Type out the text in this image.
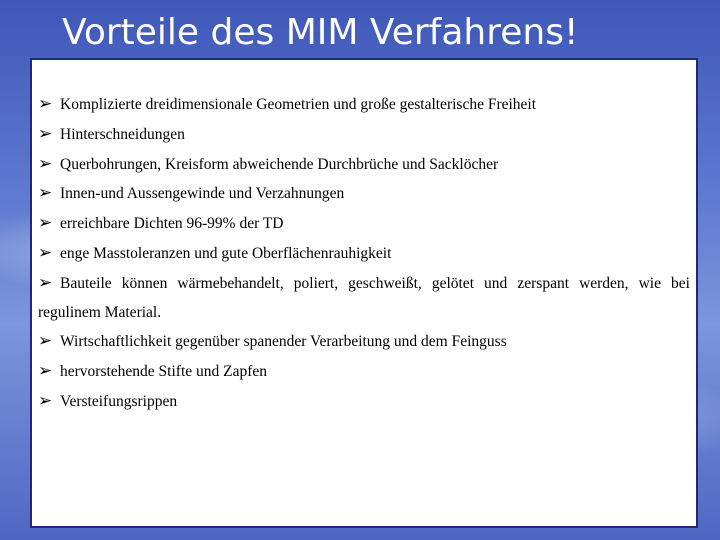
Vorteile des MIM Verfahrens!
➢ Komplizierte dreidimensionale Geometrien und große gestalterische Freiheit
➢ Hinterschneidungen
➢ Querbohrungen, Kreisform abweichende Durchbrüche und Sacklöcher
➢ Innen-und Aussengewinde und Verzahnungen
➢ erreichbare Dichten 96-99% der TD
➢ enge Masstoleranzen und gute Oberflächenrauhigkeit
➢ Bauteile können wärmebehandelt, poliert, geschweißt, gelötet und zerspant werden, wie bei regulinem Material.
➢ Wirtschaftlichkeit gegenüber spanender Verarbeitung und dem Feinguss
➢ hervorstehende Stifte und Zapfen
➢ Versteifungsrippen
